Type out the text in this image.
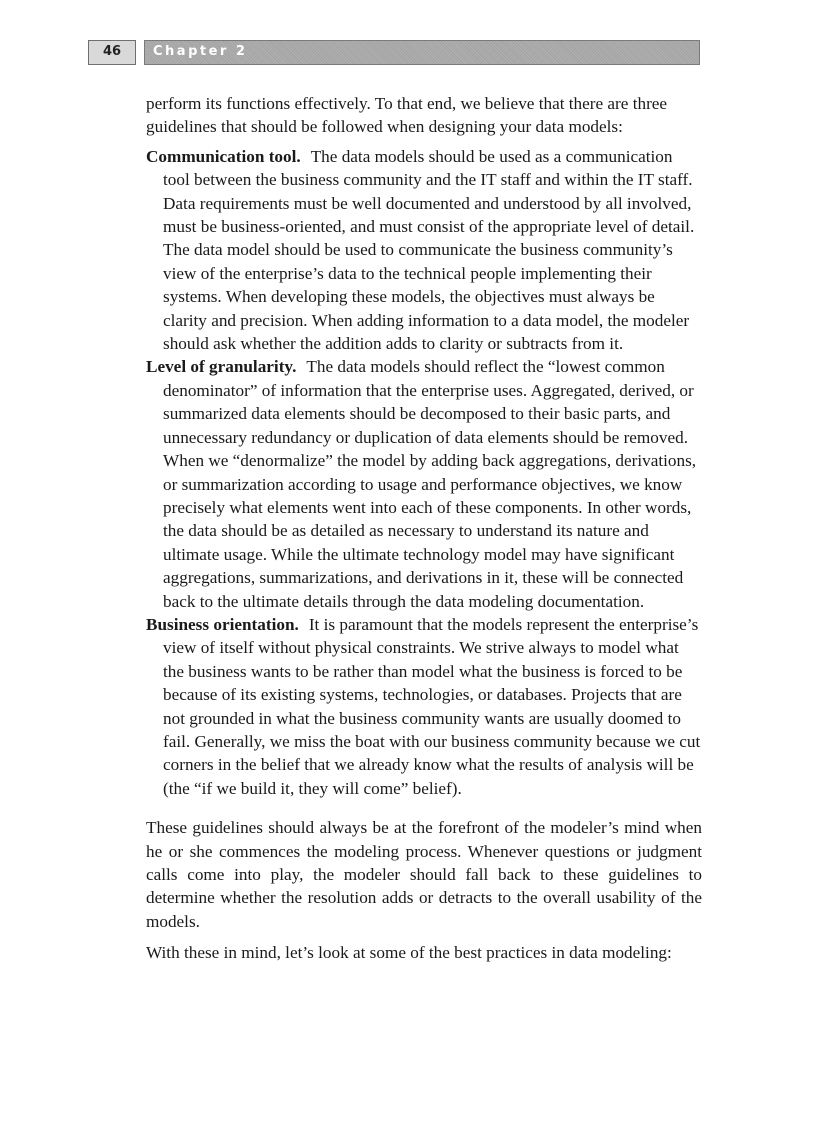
46	Chapter 2

perform its functions effectively. To that end, we believe that there are three guidelines that should be followed when designing your data models:

Communication tool. The data models should be used as a communication tool between the business community and the IT staff and within the IT staff. Data requirements must be well documented and understood by all involved, must be business-oriented, and must consist of the appropriate level of detail. The data model should be used to communicate the business community’s view of the enterprise’s data to the technical people implementing their systems. When developing these models, the objectives must always be clarity and precision. When adding information to a data model, the modeler should ask whether the addition adds to clarity or subtracts from it.

Level of granularity. The data models should reflect the “lowest common denominator” of information that the enterprise uses. Aggregated, derived, or summarized data elements should be decomposed to their basic parts, and unnecessary redundancy or duplication of data elements should be removed. When we “denormalize” the model by adding back aggregations, derivations, or summarization according to usage and performance objectives, we know precisely what elements went into each of these components. In other words, the data should be as detailed as necessary to understand its nature and ultimate usage. While the ultimate technology model may have significant aggregations, summarizations, and derivations in it, these will be connected back to the ultimate details through the data modeling documentation.

Business orientation. It is paramount that the models represent the enterprise’s view of itself without physical constraints. We strive always to model what the business wants to be rather than model what the business is forced to be because of its existing systems, technologies, or databases. Projects that are not grounded in what the business community wants are usually doomed to fail. Generally, we miss the boat with our business community because we cut corners in the belief that we already know what the results of analysis will be (the “if we build it, they will come” belief).

These guidelines should always be at the forefront of the modeler’s mind when he or she commences the modeling process. Whenever questions or judgment calls come into play, the modeler should fall back to these guidelines to determine whether the resolution adds or detracts to the overall usability of the models.

With these in mind, let’s look at some of the best practices in data modeling:
